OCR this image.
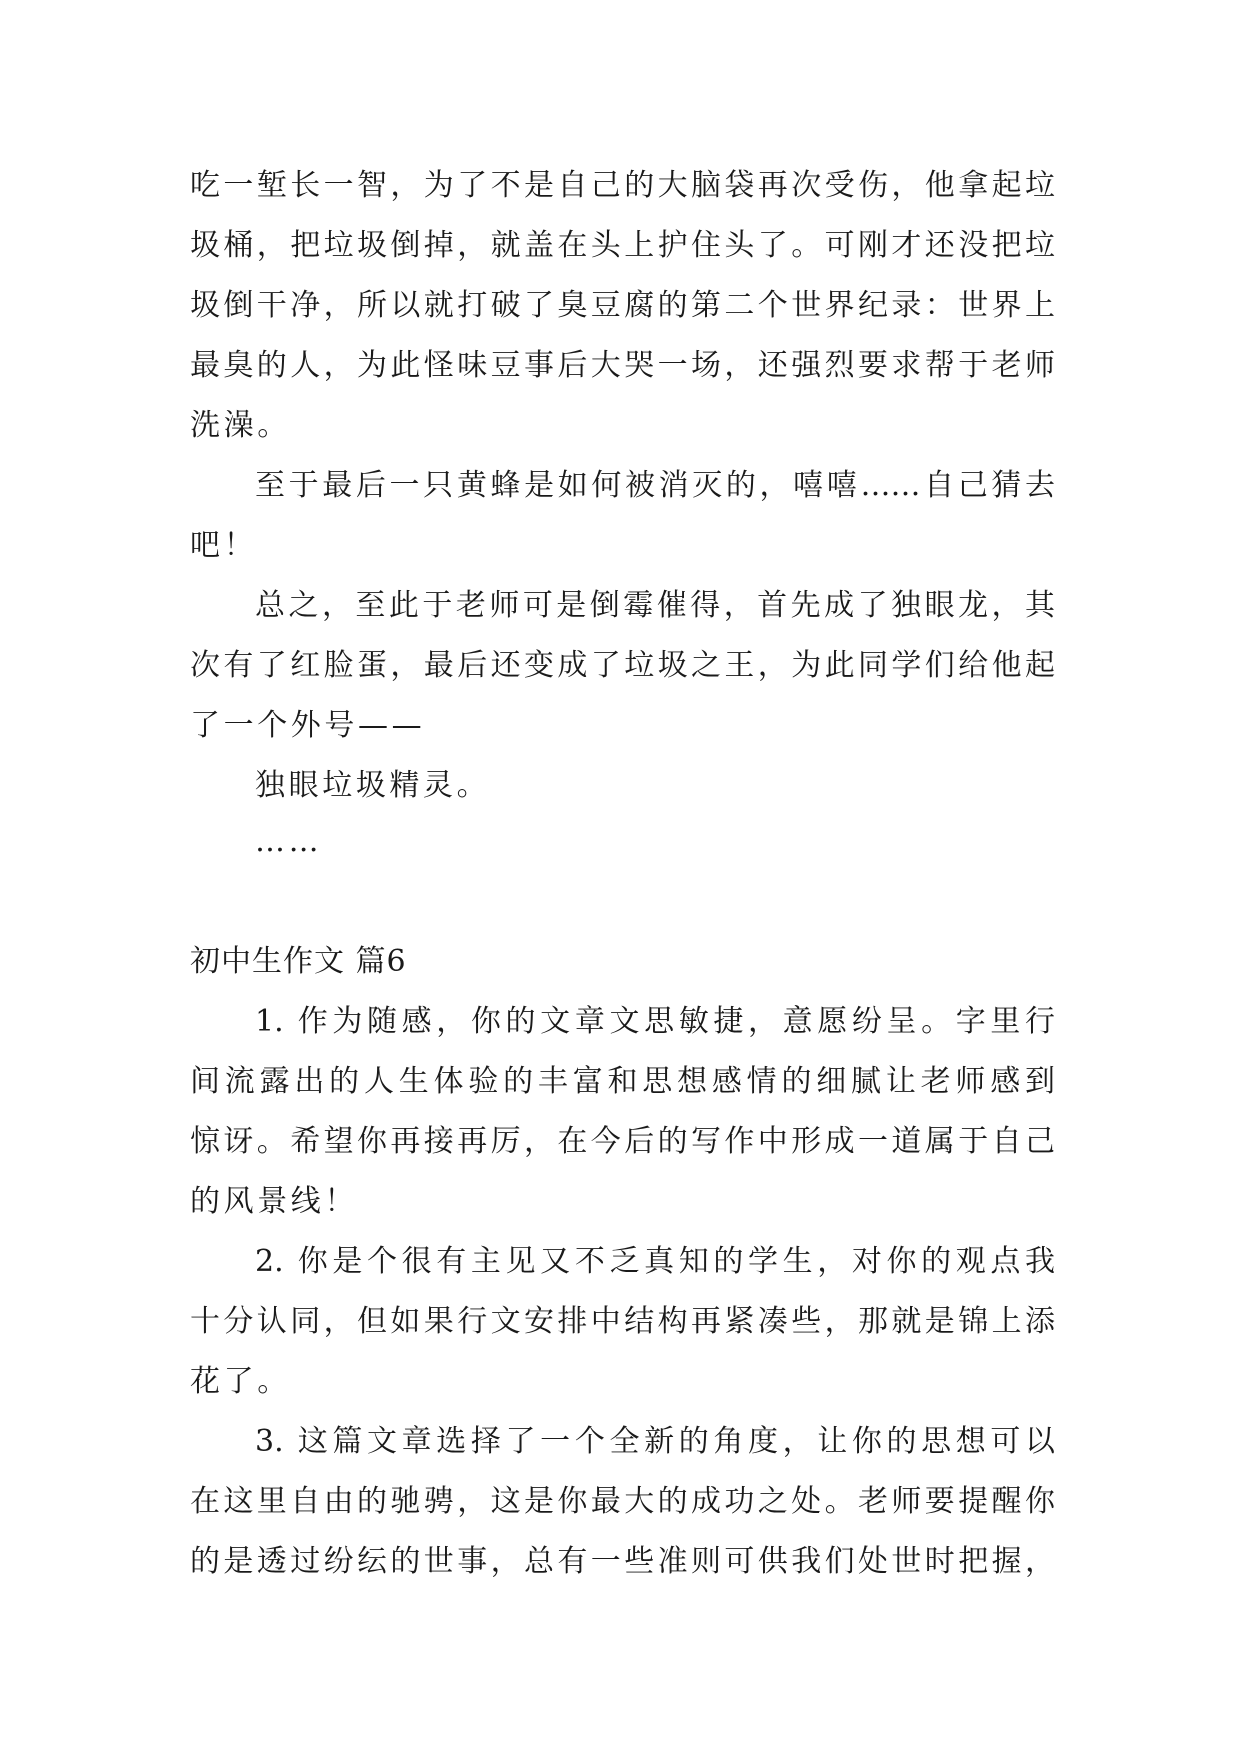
吃一堑长一智，为了不是自己的大脑袋再次受伤，他拿起垃
圾桶，把垃圾倒掉，就盖在头上护住头了。可刚才还没把垃
圾倒干净，所以就打破了臭豆腐的第二个世界纪录：世界上
最臭的人，为此怪味豆事后大哭一场，还强烈要求帮于老师
洗澡。
至于最后一只黄蜂是如何被消灭的，嘻嘻……自己猜去
吧！
总之，至此于老师可是倒霉催得，首先成了独眼龙，其
次有了红脸蛋，最后还变成了垃圾之王，为此同学们给他起
了一个外号——
独眼垃圾精灵。
……
初中生作文 篇6
1. 作为随感，你的文章文思敏捷，意愿纷呈。字里行
间流露出的人生体验的丰富和思想感情的细腻让老师感到
惊讶。希望你再接再厉，在今后的写作中形成一道属于自己
的风景线！
2. 你是个很有主见又不乏真知的学生，对你的观点我
十分认同，但如果行文安排中结构再紧凑些，那就是锦上添
花了。
3. 这篇文章选择了一个全新的角度，让你的思想可以
在这里自由的驰骋，这是你最大的成功之处。老师要提醒你
的是透过纷纭的世事，总有一些准则可供我们处世时把握，
